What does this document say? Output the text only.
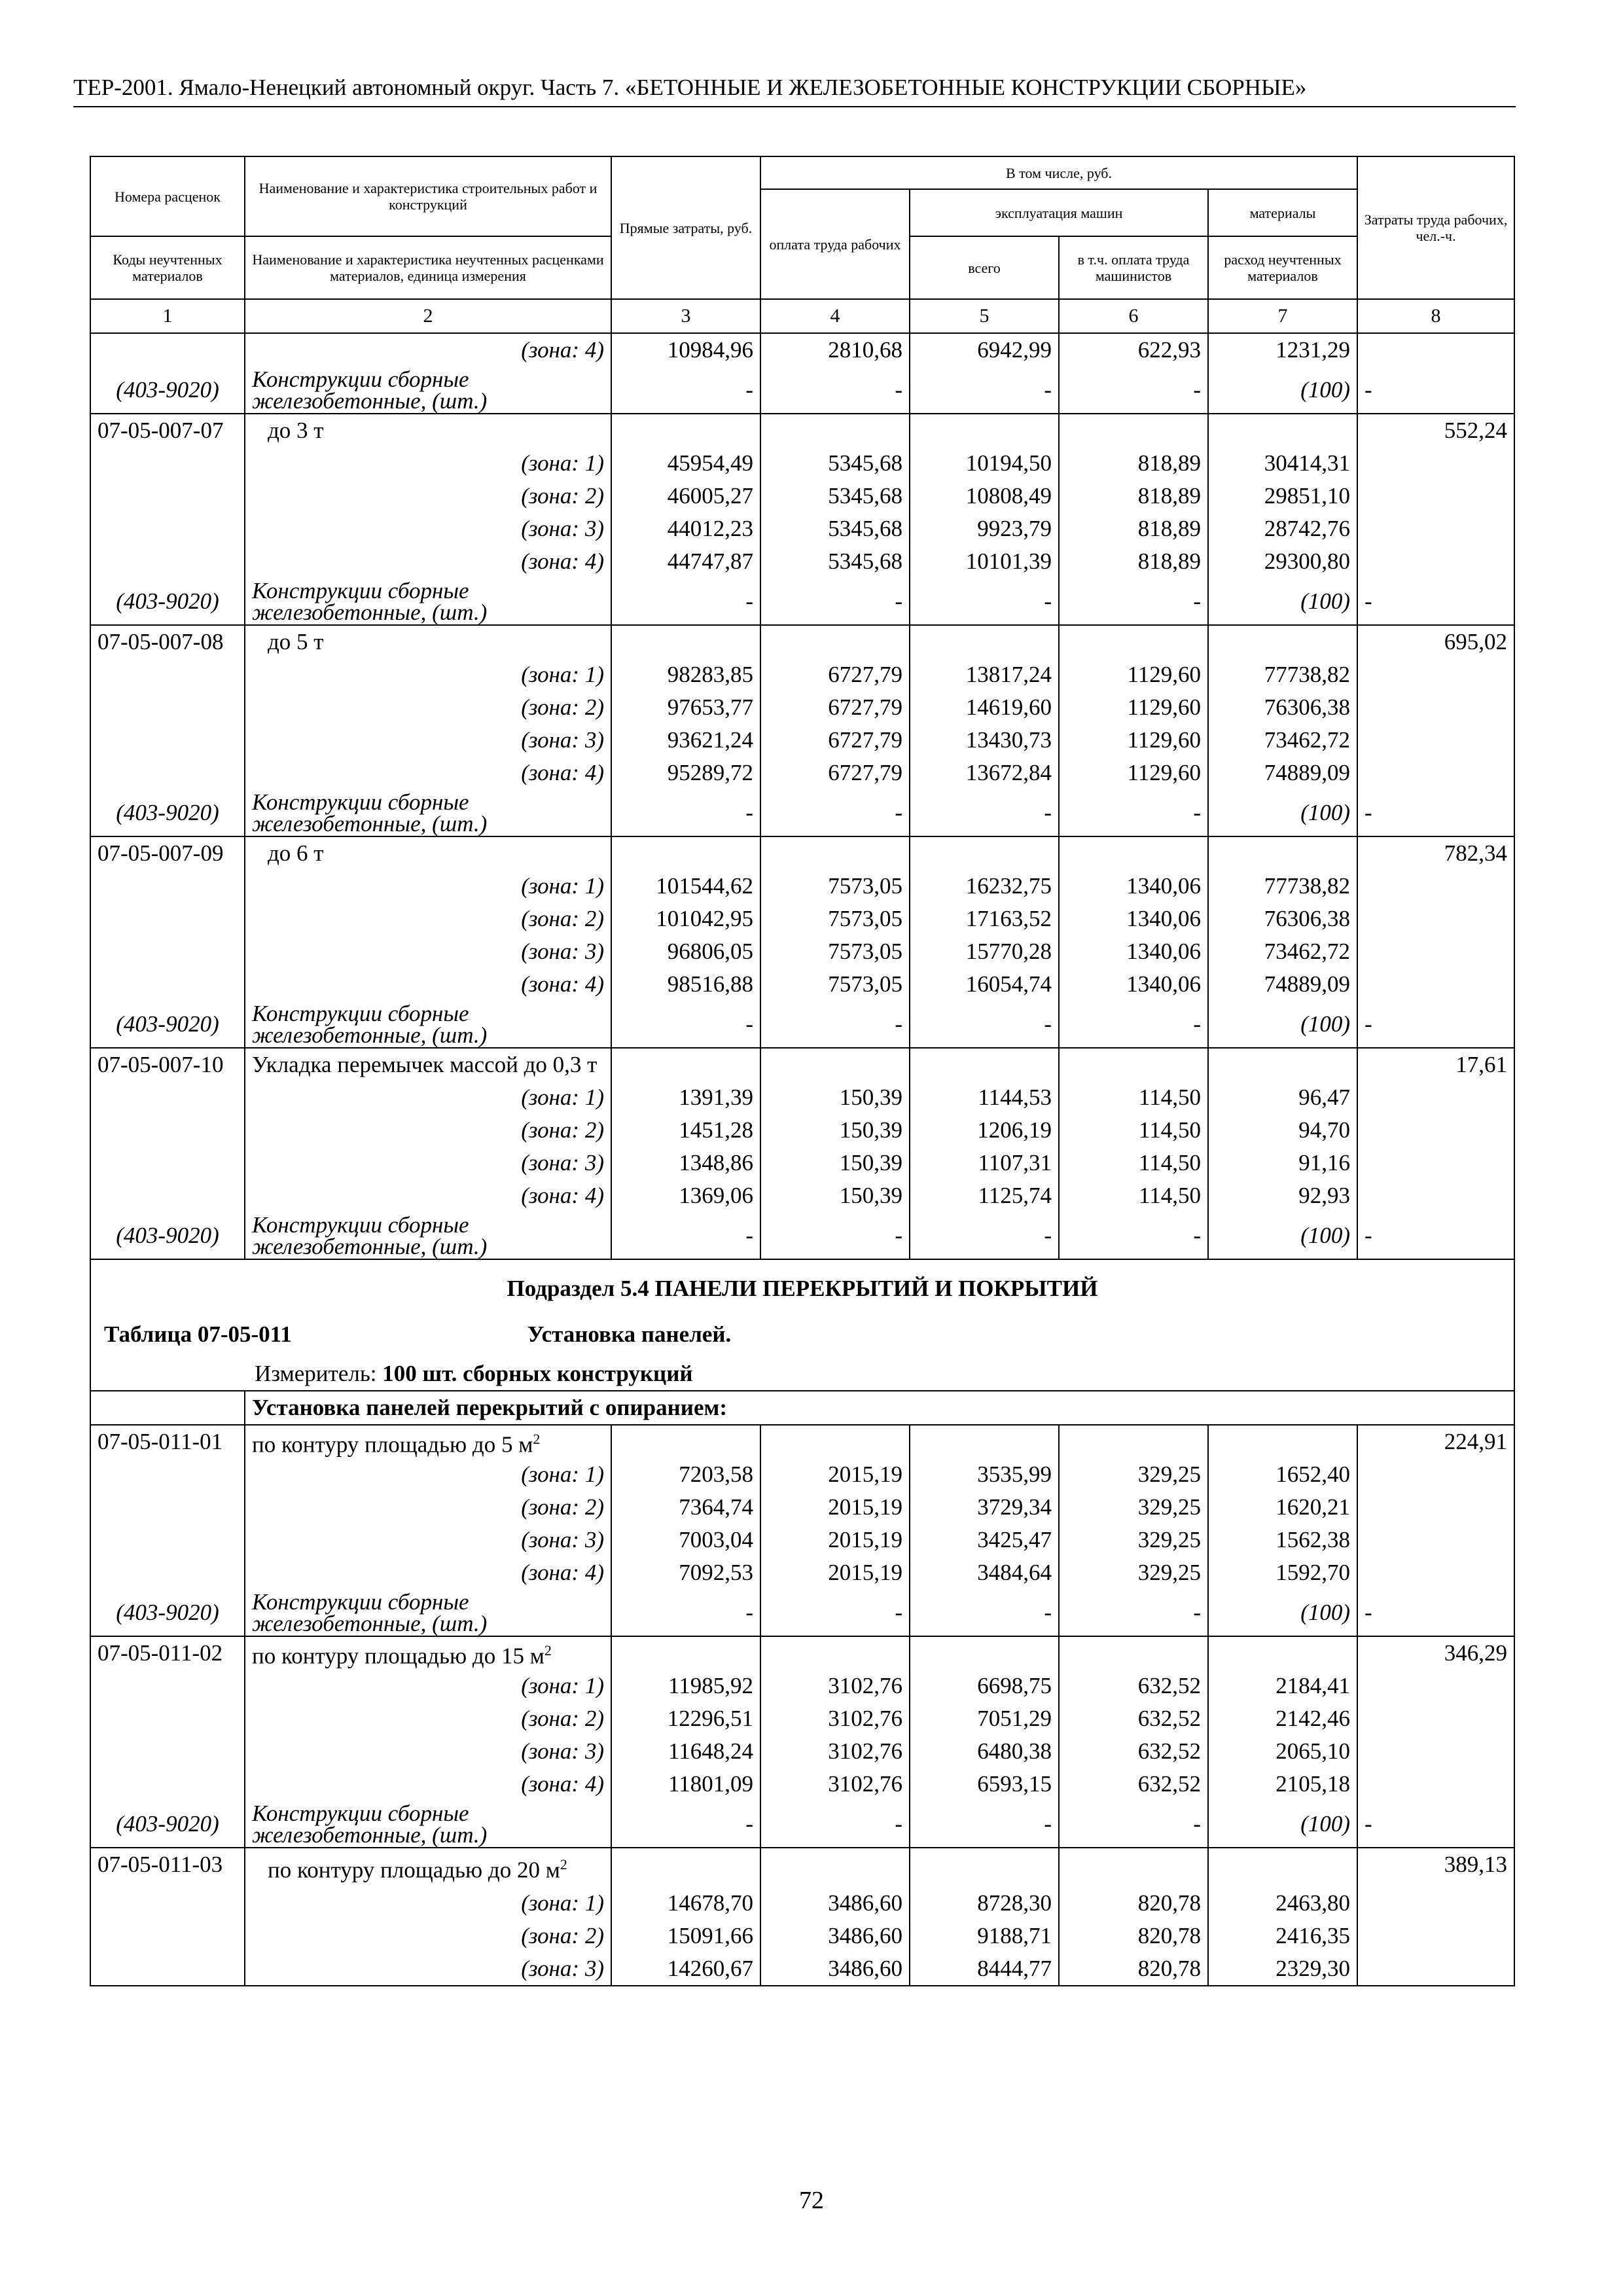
ТЕР-2001. Ямало-Ненецкий автономный округ. Часть 7. «БЕТОННЫЕ И ЖЕЛЕЗОБЕТОННЫЕ КОНСТРУКЦИИ СБОРНЫЕ»
Номера расценок	Наименование и характеристика строительных работ и конструкций	Прямые затраты, руб.	В том числе, руб.				Затраты труда рабочих, чел.-ч.
			оплата труда рабочих	эксплуатация машин		материалы	
Коды неучтенных материалов	Наименование и характеристика неучтенных расценками материалов, единица измерения			всего	в т.ч. оплата труда машинистов	расход неучтенных материалов	
1	2	3	4	5	6	7	8
	(зона: 4)	10984,96	2810,68	6942,99	622,93	1231,29	
(403-9020)	Конструкции сборные железобетонные, (шт.)	-	-	-	-	(100)	-
07-05-007-07	до 3 т						552,24
	(зона: 1)	45954,49	5345,68	10194,50	818,89	30414,31	
	(зона: 2)	46005,27	5345,68	10808,49	818,89	29851,10	
	(зона: 3)	44012,23	5345,68	9923,79	818,89	28742,76	
	(зона: 4)	44747,87	5345,68	10101,39	818,89	29300,80	
(403-9020)	Конструкции сборные железобетонные, (шт.)	-	-	-	-	(100)	-
07-05-007-08	до 5 т						695,02
	(зона: 1)	98283,85	6727,79	13817,24	1129,60	77738,82	
	(зона: 2)	97653,77	6727,79	14619,60	1129,60	76306,38	
	(зона: 3)	93621,24	6727,79	13430,73	1129,60	73462,72	
	(зона: 4)	95289,72	6727,79	13672,84	1129,60	74889,09	
(403-9020)	Конструкции сборные железобетонные, (шт.)	-	-	-	-	(100)	-
07-05-007-09	до 6 т						782,34
	(зона: 1)	101544,62	7573,05	16232,75	1340,06	77738,82	
	(зона: 2)	101042,95	7573,05	17163,52	1340,06	76306,38	
	(зона: 3)	96806,05	7573,05	15770,28	1340,06	73462,72	
	(зона: 4)	98516,88	7573,05	16054,74	1340,06	74889,09	
(403-9020)	Конструкции сборные железобетонные, (шт.)	-	-	-	-	(100)	-
07-05-007-10	Укладка перемычек массой до 0,3 т						17,61
	(зона: 1)	1391,39	150,39	1144,53	114,50	96,47	
	(зона: 2)	1451,28	150,39	1206,19	114,50	94,70	
	(зона: 3)	1348,86	150,39	1107,31	114,50	91,16	
	(зона: 4)	1369,06	150,39	1125,74	114,50	92,93	
(403-9020)	Конструкции сборные железобетонные, (шт.)	-	-	-	-	(100)	-
Подраздел 5.4 ПАНЕЛИ ПЕРЕКРЫТИЙ И ПОКРЫТИЙ							
Таблица 07-05-011 Установка панелей.							
Измеритель: 100 шт. сборных конструкций							
	Установка панелей перекрытий с опиранием:						
07-05-011-01	по контуру площадью до 5 $м^2$						224,91
	(зона: 1)	7203,58	2015,19	3535,99	329,25	1652,40	
	(зона: 2)	7364,74	2015,19	3729,34	329,25	1620,21	
	(зона: 3)	7003,04	2015,19	3425,47	329,25	1562,38	
	(зона: 4)	7092,53	2015,19	3484,64	329,25	1592,70	
(403-9020)	Конструкции сборные железобетонные, (шт.)	-	-	-	-	(100)	-
07-05-011-02	по контуру площадью до 15 $м^2$						346,29
	(зона: 1)	11985,92	3102,76	6698,75	632,52	2184,41	
	(зона: 2)	12296,51	3102,76	7051,29	632,52	2142,46	
	(зона: 3)	11648,24	3102,76	6480,38	632,52	2065,10	
	(зона: 4)	11801,09	3102,76	6593,15	632,52	2105,18	
(403-9020)	Конструкции сборные железобетонные, (шт.)	-	-	-	-	(100)	-
07-05-011-03	по контуру площадью до 20 $м^2$						389,13
	(зона: 1)	14678,70	3486,60	8728,30	820,78	2463,80	
	(зона: 2)	15091,66	3486,60	9188,71	820,78	2416,35	
	(зона: 3)	14260,67	3486,60	8444,77	820,78	2329,30	
72
